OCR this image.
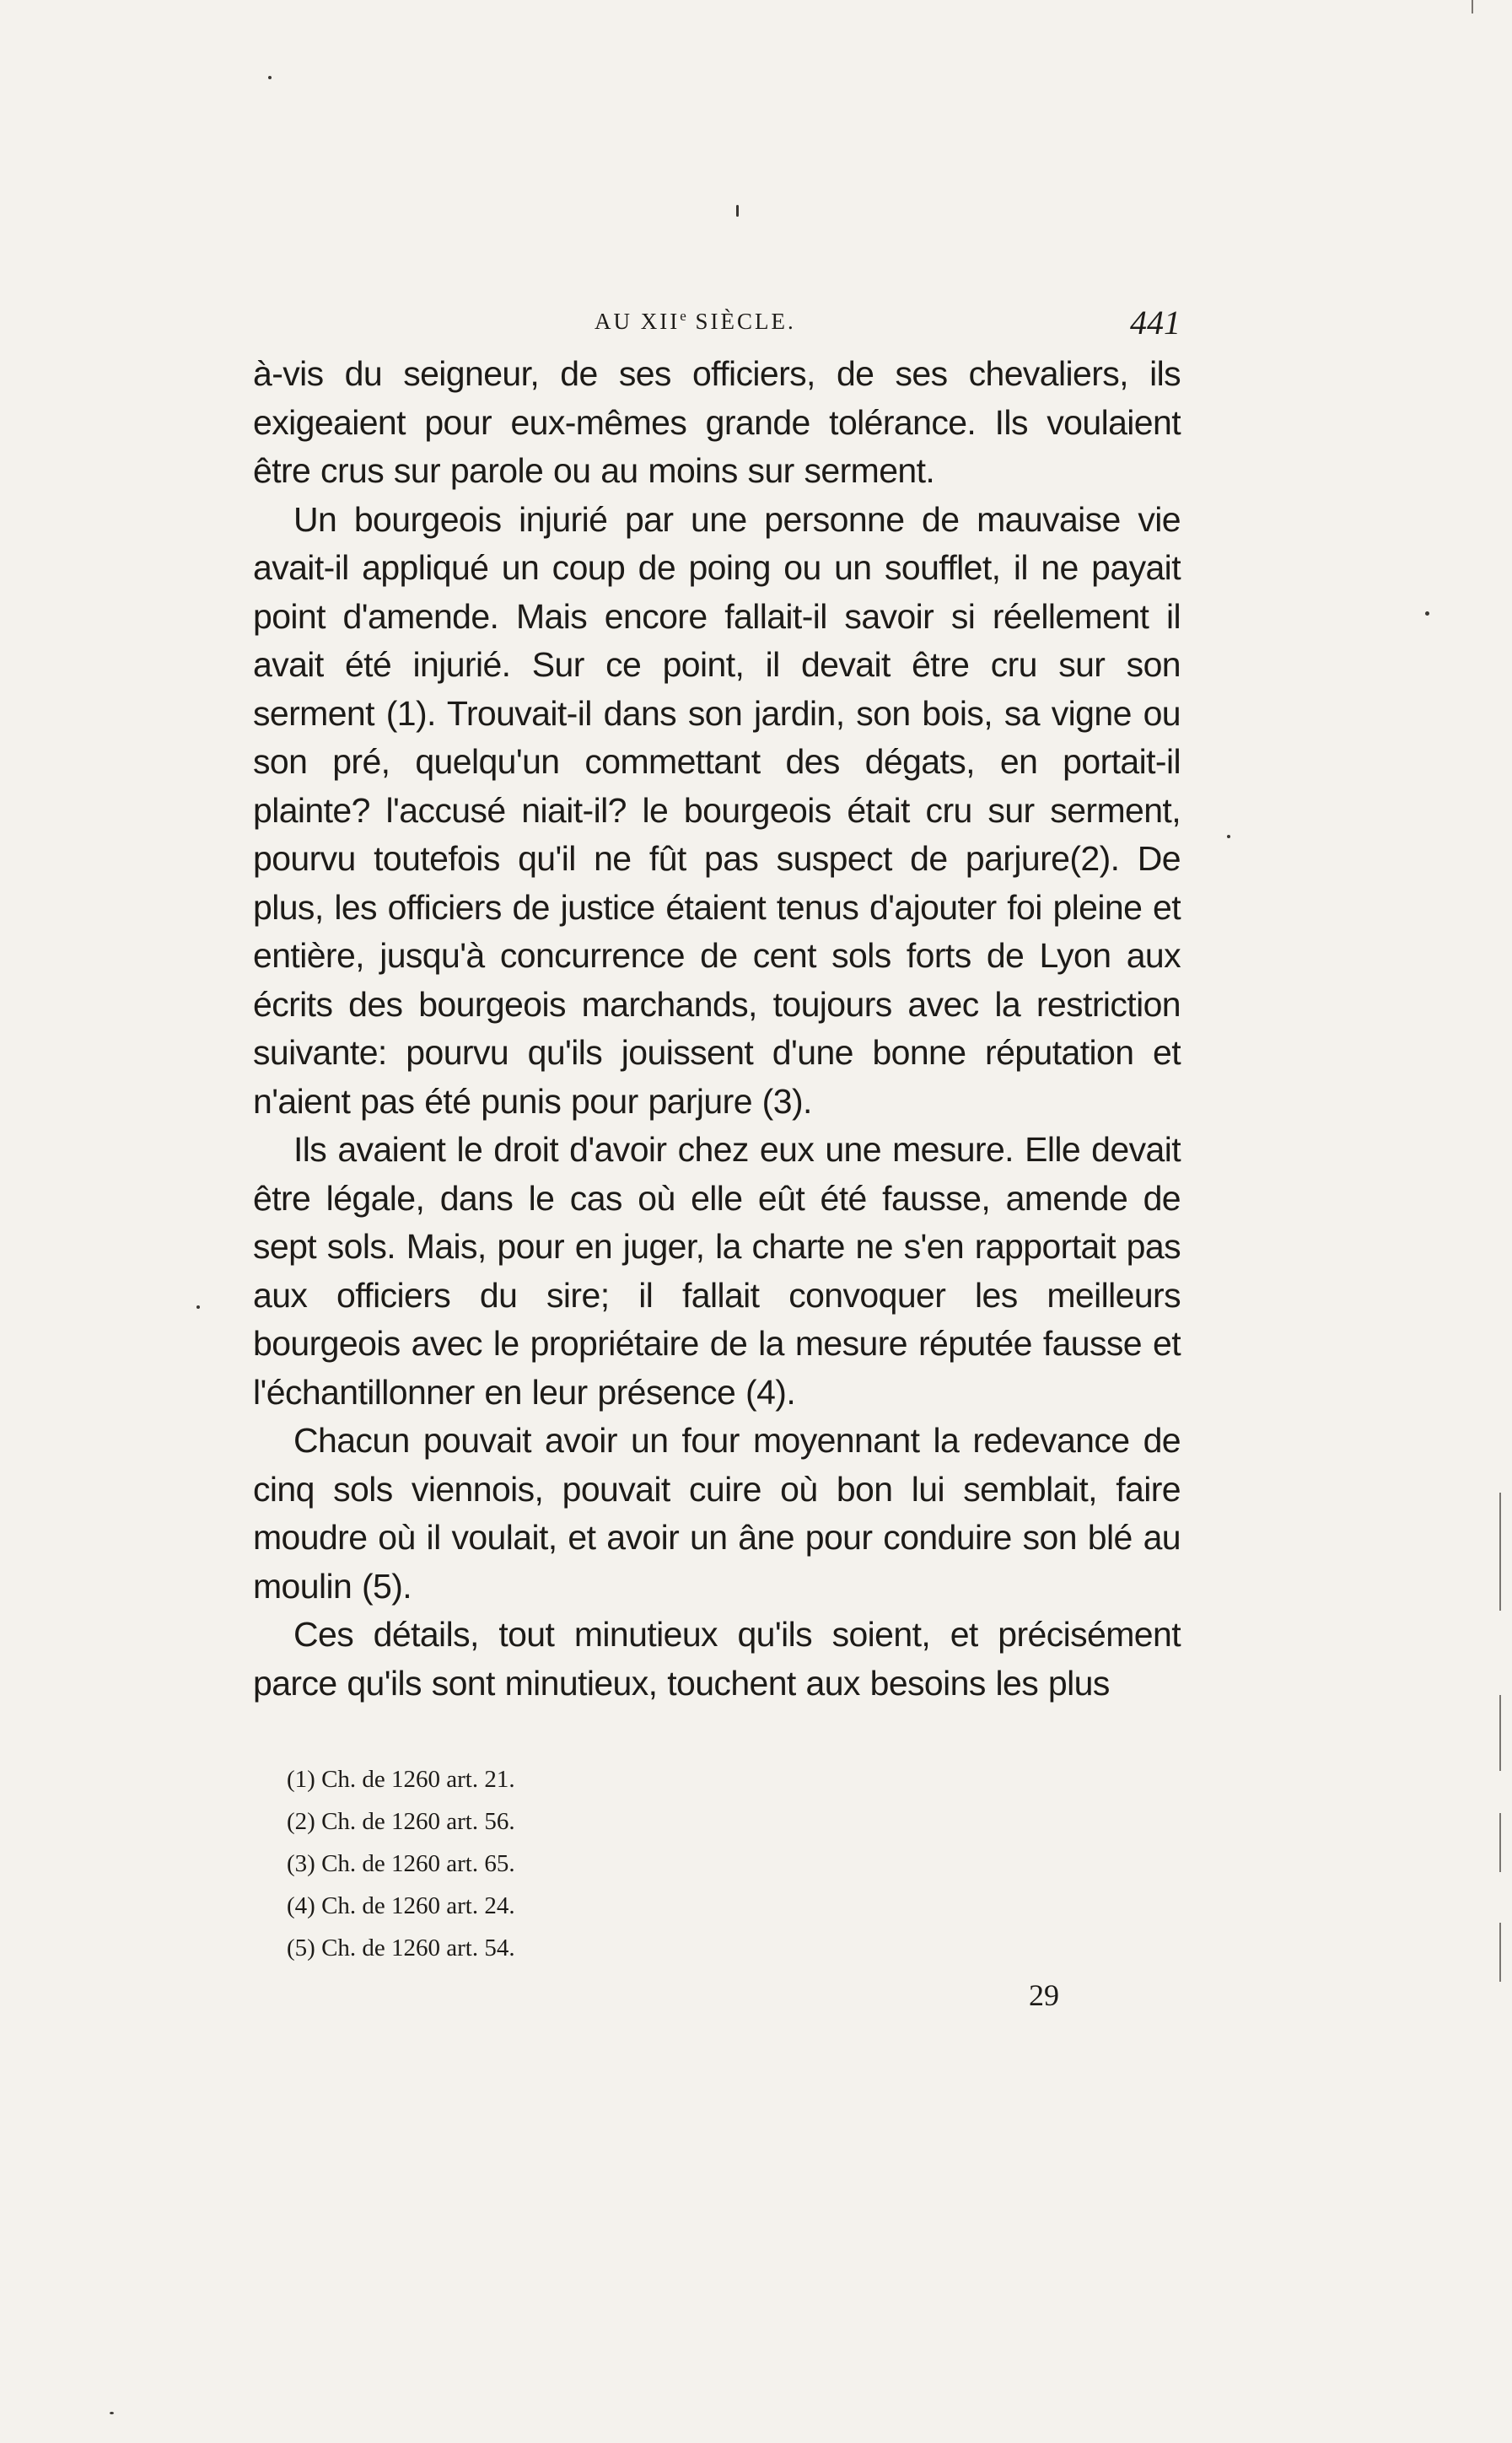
AU XIIe SIÈCLE.	441

à-vis du seigneur, de ses officiers, de ses chevaliers, ils exigeaient pour eux-mêmes grande tolérance. Ils voulaient être crus sur parole ou au moins sur serment.

Un bourgeois injurié par une personne de mauvaise vie avait-il appliqué un coup de poing ou un soufflet, il ne payait point d'amende. Mais encore fallait-il savoir si réellement il avait été injurié. Sur ce point, il devait être cru sur son serment (1). Trouvait-il dans son jardin, son bois, sa vigne ou son pré, quelqu'un commettant des dégats, en portait-il plainte? l'accusé niait-il? le bourgeois était cru sur serment, pourvu toutefois qu'il ne fût pas suspect de parjure(2). De plus, les officiers de justice étaient tenus d'ajouter foi pleine et entière, jusqu'à concurrence de cent sols forts de Lyon aux écrits des bourgeois marchands, toujours avec la restriction suivante: pourvu qu'ils jouissent d'une bonne réputation et n'aient pas été punis pour parjure (3).

Ils avaient le droit d'avoir chez eux une mesure. Elle devait être légale, dans le cas où elle eût été fausse, amende de sept sols. Mais, pour en juger, la charte ne s'en rapportait pas aux officiers du sire; il fallait convoquer les meilleurs bourgeois avec le propriétaire de la mesure réputée fausse et l'échantillonner en leur présence (4).

Chacun pouvait avoir un four moyennant la redevance de cinq sols viennois, pouvait cuire où bon lui semblait, faire moudre où il voulait, et avoir un âne pour conduire son blé au moulin (5).

Ces détails, tout minutieux qu'ils soient, et précisément parce qu'ils sont minutieux, touchent aux besoins les plus

(1) Ch. de 1260 art. 21.
(2) Ch. de 1260 art. 56.
(3) Ch. de 1260 art. 65.
(4) Ch. de 1260 art. 24.
(5) Ch. de 1260 art. 54.
29
